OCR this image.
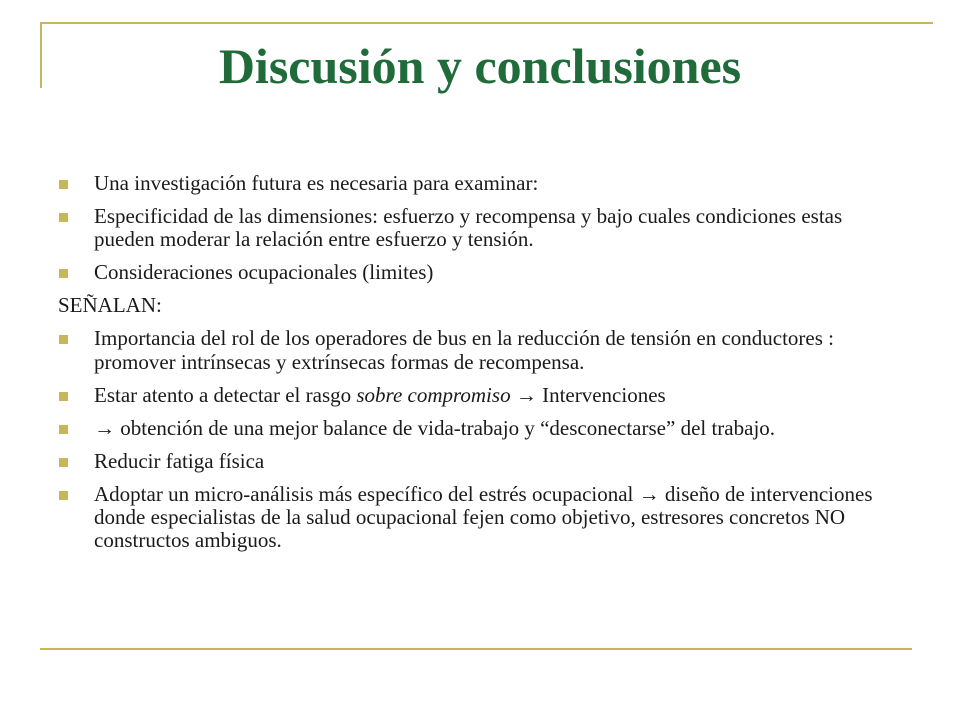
Discusión y conclusiones
Una investigación futura es necesaria para examinar:
Especificidad de las dimensiones: esfuerzo y recompensa y bajo cuales condiciones estas pueden moderar la relación entre esfuerzo y tensión.
Consideraciones ocupacionales (limites)
SEÑALAN:
Importancia del rol de los operadores de bus en la reducción de tensión en conductores : promover intrínsecas y extrínsecas formas de recompensa.
Estar atento a detectar el rasgo sobre compromiso → Intervenciones
→ obtención de una mejor balance de vida-trabajo y “desconectarse” del trabajo.
Reducir fatiga física
Adoptar un micro-análisis más específico del estrés ocupacional → diseño de intervenciones donde especialistas de la salud ocupacional fejen como objetivo, estresores concretos NO constructos ambiguos.
